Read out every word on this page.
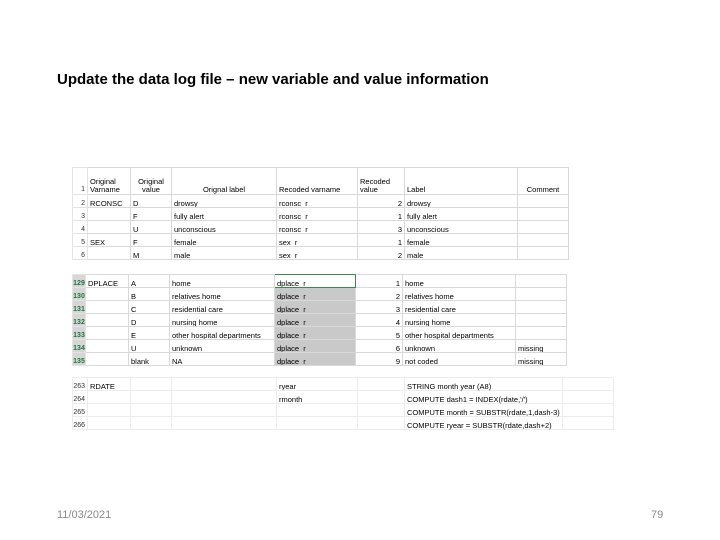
Update the data log file – new variable and value information
1	Original Varname	Original value	Orignal label	Recoded varname	Recoded value	Label	Comment
2	RCONSC	D	drowsy	rconsc_r	2	drowsy	
3		F	fully alert	rconsc_r	1	fully alert	
4		U	unconscious	rconsc_r	3	unconscious	
5	SEX	F	female	sex_r	1	female	
6		M	male	sex_r	2	male	
129	DPLACE	A	home	dplace_r	1	home	
130		B	relatives home	dplace_r	2	relatives home	
131		C	residential care	dplace_r	3	residential care	
132		D	nursing home	dplace_r	4	nursing home	
133		E	other hospital departments	dplace_r	5	other hospital departments	
134		U	unknown	dplace_r	6	unknown	missing
135		blank	NA	dplace_r	9	not coded	missing
263	RDATE			ryear		STRING month year (A8)	
264				rmonth		COMPUTE dash1 = INDEX(rdate,'/')	
265						COMPUTE month = SUBSTR(rdate,1,dash-3)	
266						COMPUTE ryear = SUBSTR(rdate,dash+2)	
11/03/2021	79
